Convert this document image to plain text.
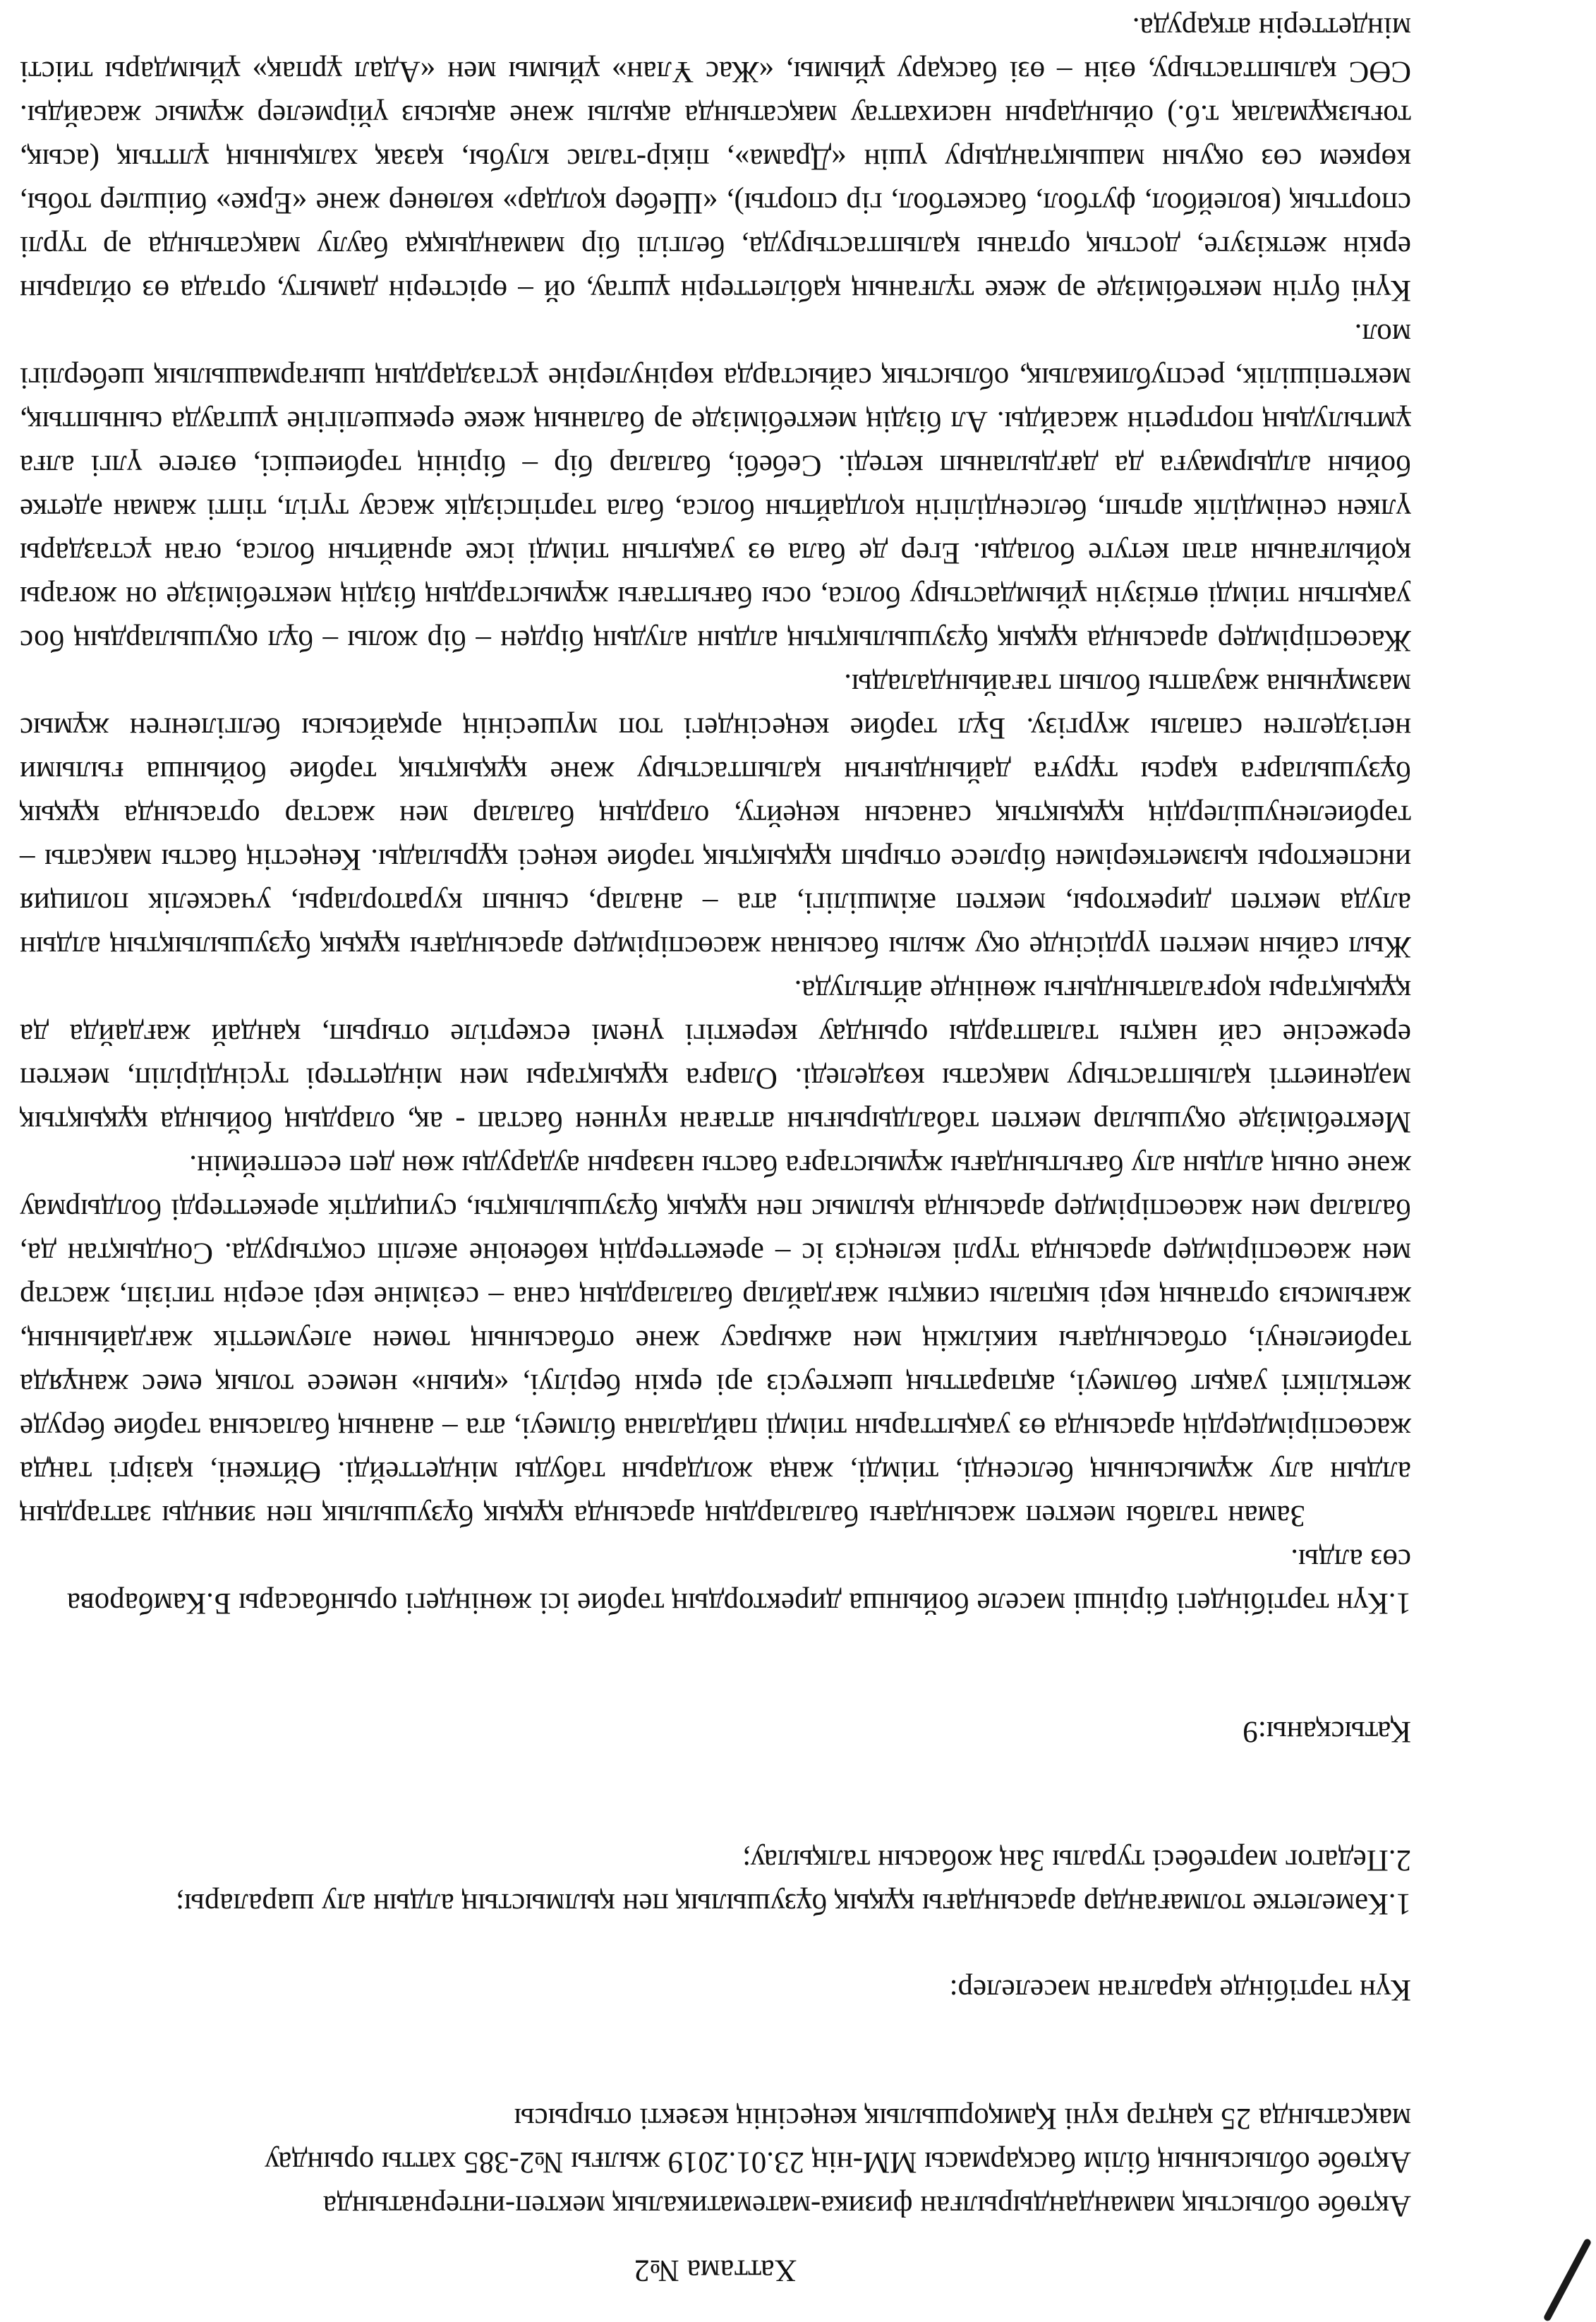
Хаттама №2

Ақтөбе облыстық мамандандырылған физика-математикалық мектеп-интернатында

Ақтөбе облысының білім басқармасы ММ-нің 23.01.2019 жылғы №2-385 хатты орындау

мақсатында 25 қаңтар күні Қамқоршылық кеңесінің кезекті отырысы

Күн тәртібінде қаралған мәселелер:

1.Кәмелетке толмағандар арасындағы құқық бұзушылық пен қылмыстың алдын алу шаралары;

2.Педагог мәртебесі туралы Заң жобасын талқылау;

Қатысқаны:9

1.Күн тәртібіндегі бірінші мәселе бойынша директордың тәрбие ісі жөніндегі орынбасары Б.Камбарова сөз алды.

Заман талабы мектеп жасындағы балалардың арасында құқық бұзушылық пен зиянды заттардың алдын алу жұмысының белсенді, тиімді, жаңа жолдарын табуды міндеттейді. Өйткені, қазіргі таңда жасөспірімдердің арасында өз уақыттарын тиімді пайдалана білмеуі, ата – ананың баласына тәрбие беруде жеткілікті уақыт бөлмеуі, ақпараттың шектеусіз әрі еркін берілуі, «қиын» немесе толық емес жанұяда тәрбиеленуі, отбасындағы кикілжің мен ажырасу және отбасының төмен әлеуметтік жағдайының, жағымсыз ортаның кері ықпалы сияқты жағдайлар балалардың сана – сезіміне кері әсерін тигізіп, жастар мен жасөспірімдер арасында түрлі келеңсіз іс – әрекеттердің көбеюіне әкеліп соқтыруда. Сондықтан да, балалар мен жасөспірімдер арасында қылмыс пен құқық бұзушылықты, суицидтік әрекеттерді болдырмау және оның алдын алу бағытындағы жұмыстарға басты назарын аударуды жөн деп есептеймін.

Мектебімізде оқушылар мектеп табалдырығын аттаған күннен бастап - ақ, олардың бойында құқықтық мәдениетті қалыптастыру мақсаты көзделеді. Оларға құқықтары мен міндеттері түсіндіріліп, мектеп ережесіне сай нақты талаптарды орындау керектігі үнемі ескертіле отырып, қандай жағдайда да құқықтары қорғалатындығы жөнінде айтылуда.

Жыл сайын мектеп үрдісінде оқу жылы басынан жасөспірімдер арасындағы құқық бұзушылықтың алдын алуда мектеп директоры, мектеп әкімшілігі, ата – аналар, сынып кураторлары, учаскелік полиция инспекторы қызметкерімен бірлесе отырып құқықтық тәрбие кеңесі құрылады. Кеңестің басты мақсаты – тәрбиеленушілердің құқықтық санасын кеңейту, олардың балалар мен жастар ортасында құқық бұзушыларға қарсы тұруға дайындығын қалыптастыру және құқықтық тәрбие бойынша ғылыми негізделген сапалы жүргізу. Бұл тәрбие кеңесіндегі топ мүшесінің әрқайсысы белгіленген жұмыс мазмұнына жауапты болып тағайындалады.

Жасөспірімдер арасында құқық бұзушылықтың алдын алудың бірден – бір жолы – бұл оқушылардың бос уақытын тиімді өткізуін ұйымдастыру болса, осы бағыттағы жұмыстардың біздің мектебімізде он жоғары қойылғанын атап кетуге болады. Егер де бала өз уақытын тиімді іске арнайтын болса, оған ұстаздары үлкен сенімділік артып, белсенділігін қолдайтын болса, бала тәртіпсіздік жасау түгіл, тіпті жаман әдетке бойын алдырмауға да дағдыланып кетеді. Себебі, балалар бір – бірінің тәрбиешісі, өзгеге үлгі алға ұмтылудың портретін жасайды. Ал біздің мектебімізде әр баланың жеке ерекшелігіне ұштауда сыныптық, мектепішілік, республикалық, облыстық сайыстарда көрінулеріне ұстаздардың шығармашылық шеберлігі мол.

Күні бүгін мектебімізде әр жеке тұлғаның қабілеттерін ұштау, ой – өрістерін дамыту, ортада өз ойларын еркін жеткізуге, достық ортаны қалыптастыруда, белгілі бір мамандыққа баулу мақсатында әр түрлі спорттық (волейбол, футбол, баскетбол, гір спорты), «Шебер қолдар» көлөнер және «Ерке» биішлер тобы, көркем сөз оқуын машықтандыру үшін «Драма», пікір-талас клубы, қазақ халқының ұлттық (асық, тоғызқұмалақ т.б.) ойындарын насихаттау мақсатында ақылы және ақысыз үйірмелер жұмыс жасайды. СӨС қалыптастыру, өзін – өзі басқару ұйымы, «Жас Ұлан» ұйымы мен «Адал ұрпақ» ұйымдары тиісті міндеттерін атқаруда.
